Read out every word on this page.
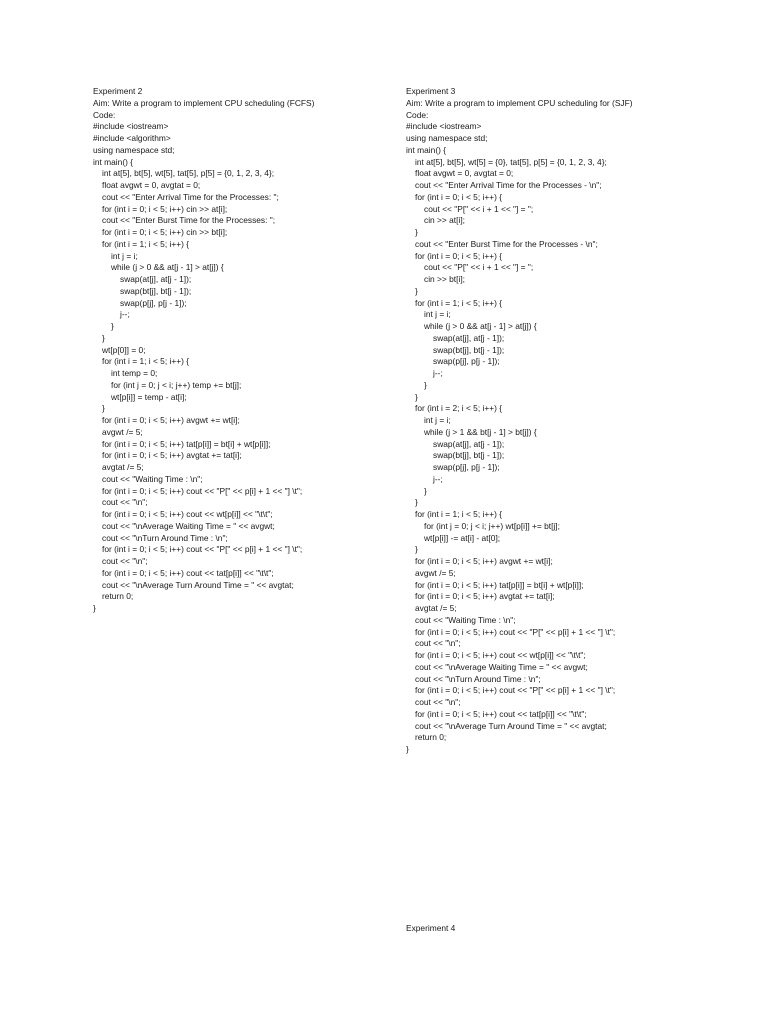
Experiment 2
Aim: Write a program to implement CPU scheduling (FCFS)
Code:
#include <iostream>
#include <algorithm>
using namespace std;
int main() {
int at[5], bt[5], wt[5], tat[5], p[5] = {0, 1, 2, 3, 4};
float avgwt = 0, avgtat = 0;
cout << "Enter Arrival Time for the Processes: ";
for (int i = 0; i < 5; i++) cin >> at[i];
cout << "Enter Burst Time for the Processes: ";
for (int i = 0; i < 5; i++) cin >> bt[i];
for (int i = 1; i < 5; i++) {
int j = i;
while (j > 0 && at[j - 1] > at[j]) {
swap(at[j], at[j - 1]);
swap(bt[j], bt[j - 1]);
swap(p[j], p[j - 1]);
j--;
}
}
wt[p[0]] = 0;
for (int i = 1; i < 5; i++) {
int temp = 0;
for (int j = 0; j < i; j++) temp += bt[j];
wt[p[i]] = temp - at[i];
}
for (int i = 0; i < 5; i++) avgwt += wt[i];
avgwt /= 5;
for (int i = 0; i < 5; i++) tat[p[i]] = bt[i] + wt[p[i]];
for (int i = 0; i < 5; i++) avgtat += tat[i];
avgtat /= 5;
cout << "Waiting Time : \n";
for (int i = 0; i < 5; i++) cout << "P[" << p[i] + 1 << "] \t";
cout << "\n";
for (int i = 0; i < 5; i++) cout << wt[p[i]] << "\t\t";
cout << "\nAverage Waiting Time = " << avgwt;
cout << "\nTurn Around Time : \n";
for (int i = 0; i < 5; i++) cout << "P[" << p[i] + 1 << "] \t";
cout << "\n";
for (int i = 0; i < 5; i++) cout << tat[p[i]] << "\t\t";
cout << "\nAverage Turn Around Time = " << avgtat;
return 0;
}
Experiment 3
Aim: Write a program to implement CPU scheduling for (SJF)
Code:
#include <iostream>
using namespace std;
int main() {
int at[5], bt[5], wt[5] = {0}, tat[5], p[5] = {0, 1, 2, 3, 4};
float avgwt = 0, avgtat = 0;
cout << "Enter Arrival Time for the Processes - \n";
for (int i = 0; i < 5; i++) {
cout << "P[" << i + 1 << "] = ";
cin >> at[i];
}
cout << "Enter Burst Time for the Processes - \n";
for (int i = 0; i < 5; i++) {
cout << "P[" << i + 1 << "] = ";
cin >> bt[i];
}
for (int i = 1; i < 5; i++) {
int j = i;
while (j > 0 && at[j - 1] > at[j]) {
swap(at[j], at[j - 1]);
swap(bt[j], bt[j - 1]);
swap(p[j], p[j - 1]);
j--;
}
}
for (int i = 2; i < 5; i++) {
int j = i;
while (j > 1 && bt[j - 1] > bt[j]) {
swap(at[j], at[j - 1]);
swap(bt[j], bt[j - 1]);
swap(p[j], p[j - 1]);
j--;
}
}
for (int i = 1; i < 5; i++) {
for (int j = 0; j < i; j++) wt[p[i]] += bt[j];
wt[p[i]] -= at[i] - at[0];
}
for (int i = 0; i < 5; i++) avgwt += wt[i];
avgwt /= 5;
for (int i = 0; i < 5; i++) tat[p[i]] = bt[i] + wt[p[i]];
for (int i = 0; i < 5; i++) avgtat += tat[i];
avgtat /= 5;
cout << "Waiting Time : \n";
for (int i = 0; i < 5; i++) cout << "P[" << p[i] + 1 << "] \t";
cout << "\n";
for (int i = 0; i < 5; i++) cout << wt[p[i]] << "\t\t";
cout << "\nAverage Waiting Time = " << avgwt;
cout << "\nTurn Around Time : \n";
for (int i = 0; i < 5; i++) cout << "P[" << p[i] + 1 << "] \t";
cout << "\n";
for (int i = 0; i < 5; i++) cout << tat[p[i]] << "\t\t";
cout << "\nAverage Turn Around Time = " << avgtat;
return 0;
}
Experiment 4
